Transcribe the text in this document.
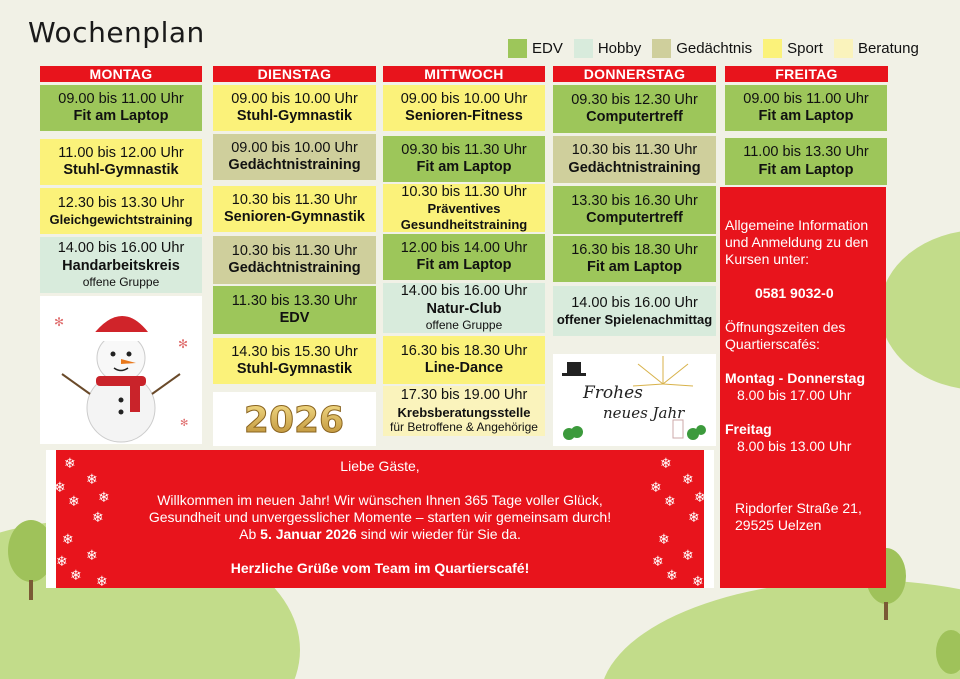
Wochenplan	EDV Hobby Gedächtnis Sport Beratung
MONTAG
09.00 bis 11.00 Uhr
Fit am Laptop
11.00 bis 12.00 Uhr
Stuhl-Gymnastik
12.30 bis 13.30 Uhr
Gleichgewichtstraining
14.00 bis 16.00 Uhr
Handarbeitskreis
offene Gruppe
✻
✻
✻
DIENSTAG
09.00 bis 10.00 Uhr
Stuhl-Gymnastik
09.00 bis 10.00 Uhr
Gedächtnistraining
10.30 bis 11.30 Uhr
Senioren-Gymnastik
10.30 bis 11.30 Uhr
Gedächtnistraining
11.30 bis 13.30 Uhr
EDV
14.30 bis 15.30 Uhr
Stuhl-Gymnastik
2026
MITTWOCH
09.00 bis 10.00 Uhr
Senioren-Fitness
09.30 bis 11.30 Uhr
Fit am Laptop
10.30 bis 11.30 Uhr
Präventives Gesundheitstraining
12.00 bis 14.00 Uhr
Fit am Laptop
14.00 bis 16.00 Uhr
Natur-Club
offene Gruppe
16.30 bis 18.30 Uhr
Line-Dance
17.30 bis 19.00 Uhr
Krebsberatungsstelle
für Betroffene & Angehörige
DONNERSTAG
09.30 bis 12.30 Uhr
Computertreff
10.30 bis 11.30 Uhr
Gedächtnistraining
13.30 bis 16.30 Uhr
Computertreff
16.30 bis 18.30 Uhr
Fit am Laptop
14.00 bis 16.00 Uhr
offener Spielenachmittag
Frohes
neues Jahr
FREITAG
09.00 bis 11.00 Uhr
Fit am Laptop
11.00 bis 13.30 Uhr
Fit am Laptop
❄
❄
❄
❄
❄
❄
❄ ❄
❄
❄
❄
❄
❄
❄
❄
❄
❄
❄ ❄
❄
❄
❄

Liebe Gäste,

Willkommen im neuen Jahr! Wir wünschen Ihnen 365 Tage voller Glück,

Gesundheit und unvergesslicher Momente – starten wir gemeinsam durch!

Ab 5. Januar 2026 sind wir wieder für Sie da.

Herzliche Grüße vom Team im Quartierscafé!

Allgemeine Information und Anmeldung zu den Kursen unter:
0581 9032-0
Öffnungszeiten des Quartierscafés:
Montag - Donnerstag
8.00 bis 17.00 Uhr
Freitag
8.00 bis 13.00 Uhr
Ripdorfer Straße 21,
29525 Uelzen
